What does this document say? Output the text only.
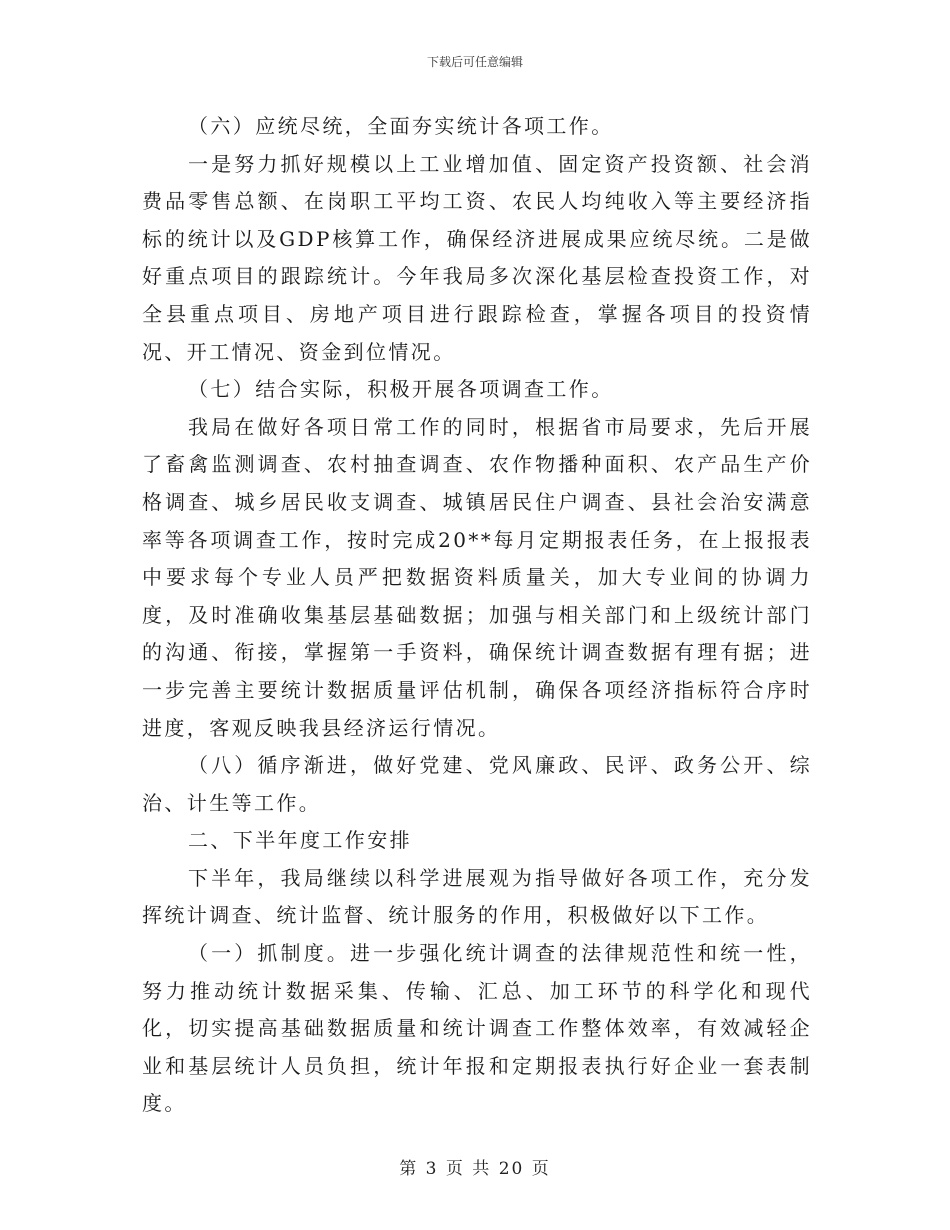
下载后可任意编辑

（六）应统尽统，全面夯实统计各项工作。

一是努力抓好规模以上工业增加值、固定资产投资额、社会消费品零售总额、在岗职工平均工资、农民人均纯收入等主要经济指标的统计以及GDP核算工作，确保经济进展成果应统尽统。二是做好重点项目的跟踪统计。今年我局多次深化基层检查投资工作，对全县重点项目、房地产项目进行跟踪检查，掌握各项目的投资情况、开工情况、资金到位情况。

（七）结合实际，积极开展各项调查工作。

我局在做好各项日常工作的同时，根据省市局要求，先后开展了畜禽监测调查、农村抽查调查、农作物播种面积、农产品生产价格调查、城乡居民收支调查、城镇居民住户调查、县社会治安满意率等各项调查工作，按时完成20**每月定期报表任务，在上报报表中要求每个专业人员严把数据资料质量关，加大专业间的协调力度，及时准确收集基层基础数据；加强与相关部门和上级统计部门的沟通、衔接，掌握第一手资料，确保统计调查数据有理有据；进一步完善主要统计数据质量评估机制，确保各项经济指标符合序时进度，客观反映我县经济运行情况。

（八）循序渐进，做好党建、党风廉政、民评、政务公开、综治、计生等工作。

二、下半年度工作安排

下半年，我局继续以科学进展观为指导做好各项工作，充分发挥统计调查、统计监督、统计服务的作用，积极做好以下工作。

（一）抓制度。进一步强化统计调查的法律规范性和统一性，努力推动统计数据采集、传输、汇总、加工环节的科学化和现代化，切实提高基础数据质量和统计调查工作整体效率，有效减轻企业和基层统计人员负担，统计年报和定期报表执行好企业一套表制度。

第 3 页 共 20 页
